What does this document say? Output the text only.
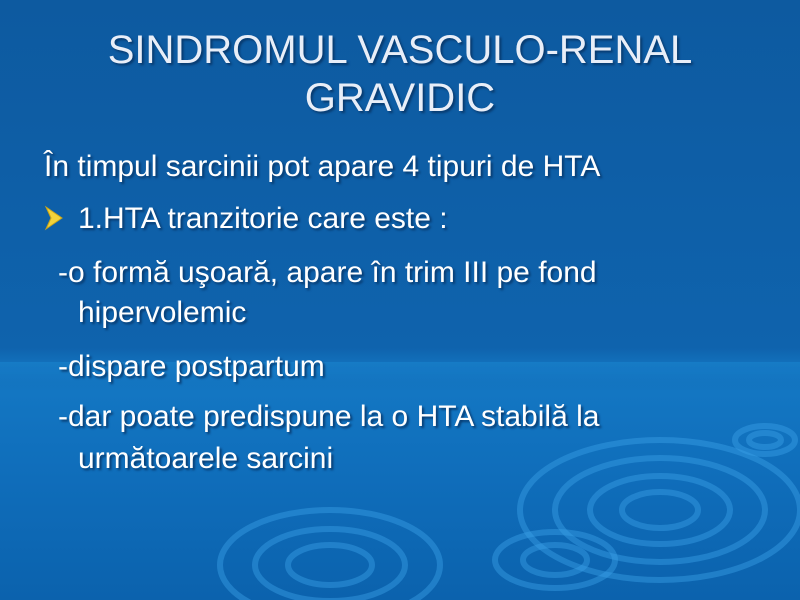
SINDROMUL VASCULO-RENAL
GRAVIDIC
În timpul sarcinii pot apare 4 tipuri de HTA
1.HTA tranzitorie care este :
-o formă uşoară, apare în trim III pe fond
hipervolemic
-dispare postpartum
-dar poate predispune la o HTA stabilă la
următoarele sarcini
